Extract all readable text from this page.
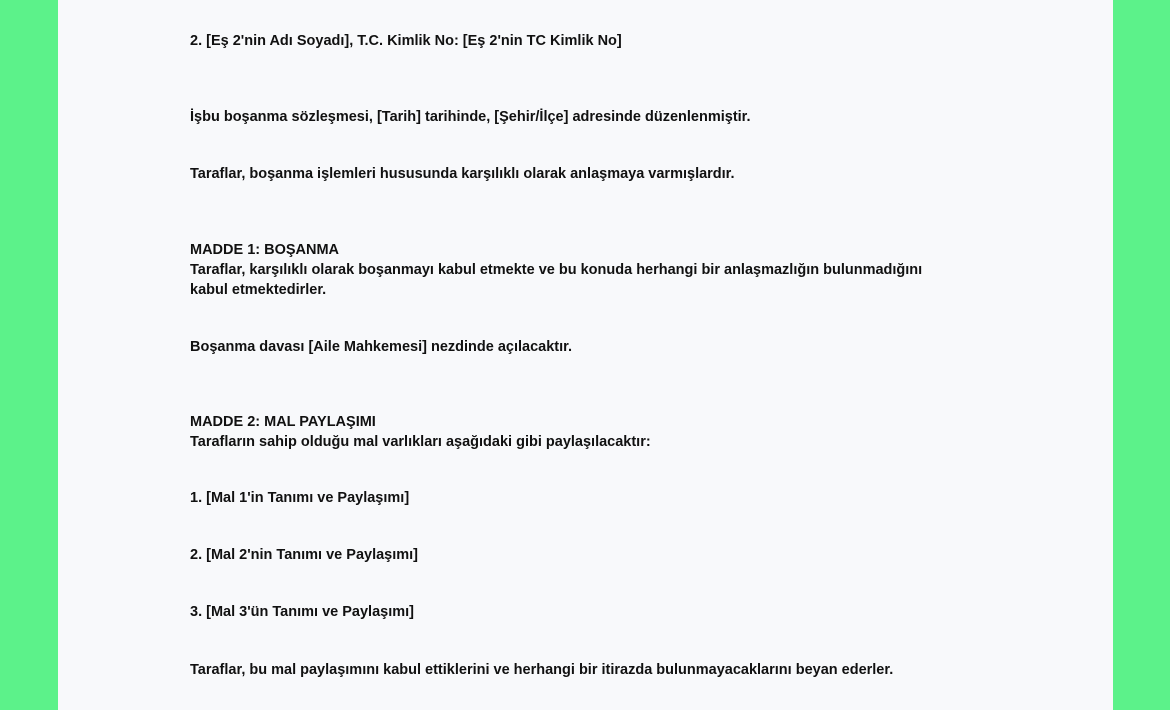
2. [Eş 2'nin Adı Soyadı], T.C. Kimlik No: [Eş 2'nin TC Kimlik No]

İşbu boşanma sözleşmesi, [Tarih] tarihinde, [Şehir/İlçe] adresinde düzenlenmiştir.

Taraflar, boşanma işlemleri hususunda karşılıklı olarak anlaşmaya varmışlardır.

MADDE 1: BOŞANMA

Taraflar, karşılıklı olarak boşanmayı kabul etmekte ve bu konuda herhangi bir anlaşmazlığın bulunmadığını

kabul etmektedirler.

Boşanma davası [Aile Mahkemesi] nezdinde açılacaktır.

MADDE 2: MAL PAYLAŞIMI

Tarafların sahip olduğu mal varlıkları aşağıdaki gibi paylaşılacaktır:

1. [Mal 1'in Tanımı ve Paylaşımı]

2. [Mal 2'nin Tanımı ve Paylaşımı]

3. [Mal 3'ün Tanımı ve Paylaşımı]

Taraflar, bu mal paylaşımını kabul ettiklerini ve herhangi bir itirazda bulunmayacaklarını beyan ederler.
